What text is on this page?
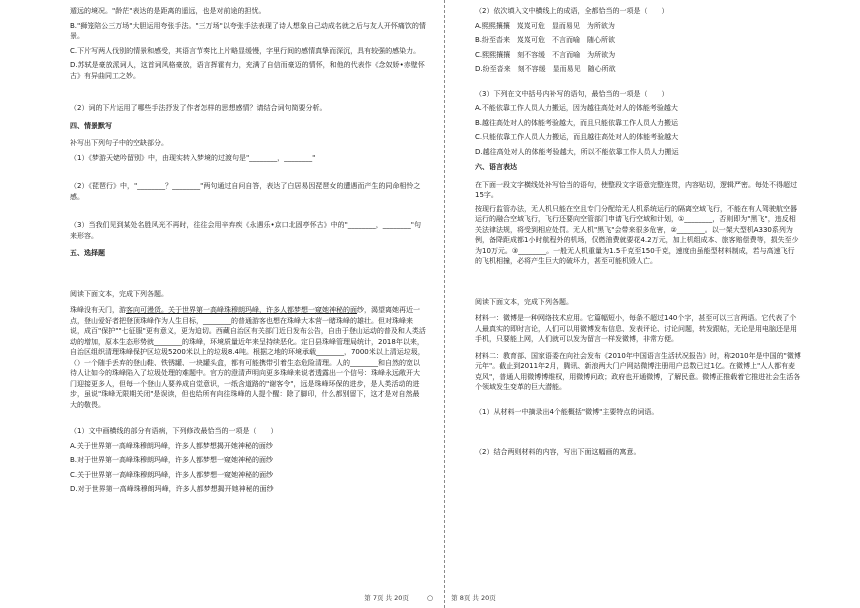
遁远的境况。"龄茫"表达的是距离的遥远，也是对前途的担忧。

B."狮笼陪公三万场"大胆运用夸张手法。"三万场"以夸张手法表现了诗人想象自己动成名就之后与友人开怀痛饮的情景。

C.下片写两人伐别的情景和感受，其语言节奏比上片略显缓慢，字里行间的感情真挚而深沉，具有较强的感染力。

D.苏轼是豪放派词人，这首词风格豪放，语言挥霍有力，充满了自信而豪迈的情怀，和他的代表作《念奴娇•赤壁怀古》有异曲同工之妙。

（2）词的下片运用了哪些手法抒发了作者怎样的思想感情？请结合词句简要分析。

四、情景默写

补写出下列句子中的空缺部分。

（1）《梦游天姥吟留别》中，由现实转入梦境的过渡句是"________，________"

（2）《琵琶行》中，"________？________"两句通过自问自答，表达了白居易因琵琶女的遭遇而产生的同命相怜之感。

（3）当我们见到某处名胜风光不再时，往往会用辛弃疾《永遇乐•京口北固亭怀古》中的"________，________"句来形容。

五、选择题

阅读下面文本，完成下列各题。

珠峰没有天门，游客向可漫货。关于世界第一高峰珠穆朗玛峰，许多人都梦想一窥她神秘的面纱，渴望离她再近一点，登山爱好者把登顶珠峰作为人生目标，________的普通游客也想在珠峰大本营一睹珠峰的雄壮。但对珠峰来说，成百"保护""七征服"更有意义，更为迫切。西藏自治区有关部门近日发布公告，自由于登山运动的普及和人类活动的增加，原本生态形势就________的珠峰，环境质量近年来呈持续恶化。定日县珠峰管理局统计，2018年以来，自治区组织清理珠峰保护区垃圾5200米以上的垃圾8.4吨。根据之地的环境承载________，7000米以上清运垃圾，（）一个随手丢弃的登山鞋、铁锈罐、一块罐头盒，都有可能携带引着生态危险清理。人的________和自然的宽以待人让如今的珠峰陷入了垃圾处理的难题中。官方的澄清声明向更多珠峰来说者透露出一个信号：珠峰永远敞开大门迎接更多人，但每一个登山人要养成自觉意识，一纸含道路的"谢客令"，远是珠峰环保的进步，是人类活动的进步，虽说"珠峰无限期关闭"是误读，但也给所有向往珠峰的人提个醒：除了脚印，什么都别留下，这才是对自然最大的敬畏。

（1）文中画横线的部分有语病，下列修改最恰当的一项是（　　）

A.关于世界第一高峰珠穆朗玛峰，许多人都梦想揭开她神秘的面纱

B.对于世界第一高峰珠穆朗玛峰，许多人都梦想一窥她神秘的面纱

C.关于世界第一高峰珠穆朗玛峰，许多人都梦想一窥她神秘的面纱

D.对于世界第一高峰珠穆朗玛峰，许多人都梦想揭开她神秘的面纱

（2）依次填入文中横线上的成语，全都恰当的一项是（　　）

A.熙熙攘攘　岌岌可危　显而易见　为所欲为

B.纷至沓来　岌岌可危　不言而喻　随心所欲

C.熙熙攘攘　刻不容缓　不言而喻　为所欲为

D.纷至沓来　刻不容缓　显而易见　随心所欲

（3）下列在文中括号内补写的语句，最恰当的一项是（　　）

A.不能依靠工作人员人力搬运，因为越往高处对人的体能考验越大

B.越往高处对人的体能考验越大，而且只能依靠工作人员人力搬运

C.只能依靠工作人员人力搬运，而且越往高处对人的体能考验越大

D.越往高处对人的体能考验越大，所以不能依靠工作人员人力搬运

六、语言表达

在下面一段文字横线处补写恰当的语句，使整段文字语意完整连贯，内容贴切，逻辑严密。每处不得超过15字。

按现行监管办法，无人机只能在空且专门分配给无人机系统运行的隔离空域飞行，不能在有人驾驶航空器运行的融合空域飞行，飞行还要向空管部门申请飞行空域和计划，①________，否则即为"黑飞"，违反相关法律法规，将受到相应处罚。无人机"黑飞"会带来很多危害，②________。以一架大型机A330系列为例，备降距成都1小时航程外的机场，仅燃油费就要花4.2万元，加上机组成本、旅客赔偿费等，损失至少为10万元。③________。一般无人机重量为1.5千克至150千克，速度由虽能型材料制成，若与高速飞行的飞机相撞，必将产生巨大的破坏力，甚至可能机毁人亡。

阅读下面文本，完成下列各题。

材料一：微博是一种网络技术应用。它篇幅短小，每条不超过140个字，甚至可以三言两语。它代表了个人最真实的即时言论，人们可以用微博发布信息、发表评论、讨论问题，转发跟帖，无论是用电脑还是用手机，只要能上网，人们就可以发为留言一样发微博，非常方便。

材料二：教育部、国家语委在向社会发布《2010年中国语言生活状况报告》时，称2010年是中国的"微博元年"。截止到2011年2月，腾讯、新浪两大门户网站微博注册用户总数已过1亿。在微博上"人人都有麦克风"，普通人用微博博维权，用微博问政；政府也开通微博，了解民意。微博正推载着它推进社会生活各个领域发生变革的巨大潜能。

（1）从材料一中摘录出4个能概括"微博"主要特点的词语。

（2）结合两则材料的内容，写出下面这幅画的寓意。

第 7页 共 20页	○	第 8页 共 20页
